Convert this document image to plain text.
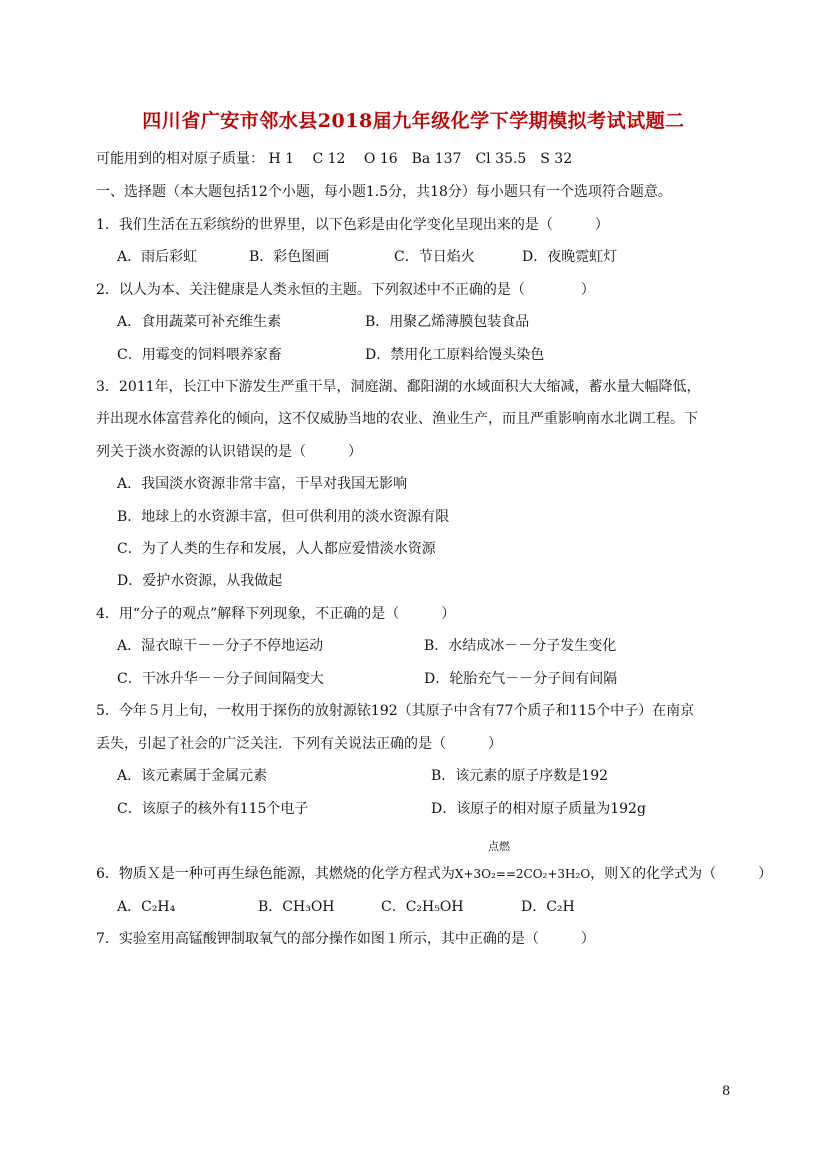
四川省广安市邻水县2018届九年级化学下学期模拟考试试题二
可能用到的相对原子质量： H 1　 C 12　 O 16　Ba 137　Cl 35.5　S 32
一、选择题（本大题包括12个小题，每小题1.5分，共18分）每小题只有一个选项符合题意。
1．我们生活在五彩缤纷的世界里，以下色彩是由化学变化呈现出来的是（　　　）
A．雨后彩虹	B．彩色图画	C．节日焰火	D．夜晚霓虹灯
2．以人为本、关注健康是人类永恒的主题。下列叙述中不正确的是（　　　　）
A．食用蔬菜可补充维生素	B．用聚乙烯薄膜包装食品
C．用霉变的饲料喂养家畜	D．禁用化工原料给馒头染色
3．2011年，长江中下游发生严重干旱，洞庭湖、鄱阳湖的水域面积大大缩减，蓄水量大幅降低，
并出现水体富营养化的倾向，这不仅威胁当地的农业、渔业生产，而且严重影响南水北调工程。下
列关于淡水资源的认识错误的是（　　　）
A．我国淡水资源非常丰富，干旱对我国无影响
B．地球上的水资源丰富，但可供利用的淡水资源有限
C．为了人类的生存和发展，人人都应爱惜淡水资源
D．爱护水资源，从我做起
4．用“分子的观点”解释下列现象，不正确的是（　　　）
A．湿衣晾干－－分子不停地运动	B．水结成冰－－分子发生变化
C．干冰升华－－分子间间隔变大	D．轮胎充气－－分子间有间隔
5．今年５月上旬，一枚用于探伤的放射源铱192（其原子中含有77个质子和115个中子）在南京
丢失，引起了社会的广泛关注．下列有关说法正确的是（　　　）
A．该元素属于金属元素	B．该元素的原子序数是192
C．该原子的核外有115个电子	D．该原子的相对原子质量为192g
点燃
6．物质Ｘ是一种可再生绿色能源，其燃烧的化学方程式为X+3O₂==2CO₂+3H₂O，则Ｘ的化学式为（　　　）
A．C₂H₄	B．CH₃OH	C．C₂H₅OH	D．C₂H
7．实验室用高锰酸钾制取氧气的部分操作如图１所示，其中正确的是（　　　）
8
